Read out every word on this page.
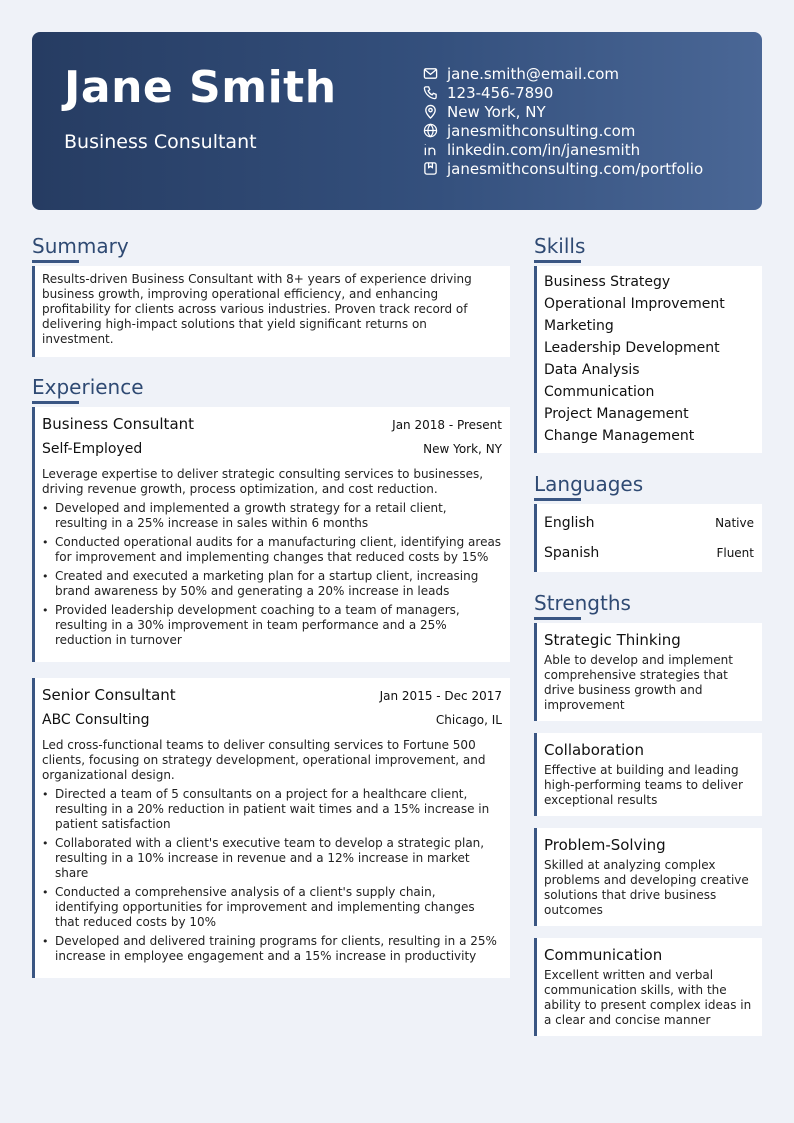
Jane Smith
Business Consultant
jane.smith@email.com
123-456-7890
New York, NY
janesmithconsulting.com
linkedin.com/in/janesmith
janesmithconsulting.com/portfolio
Summary
Results-driven Business Consultant with 8+ years of experience driving business growth, improving operational efficiency, and enhancing profitability for clients across various industries. Proven track record of delivering high-impact solutions that yield significant returns on investment.
Experience
Business Consultant	Jan 2018 - Present
Self-Employed	New York, NY
Leverage expertise to deliver strategic consulting services to businesses, driving revenue growth, process optimization, and cost reduction.
• Developed and implemented a growth strategy for a retail client, resulting in a 25% increase in sales within 6 months
• Conducted operational audits for a manufacturing client, identifying areas for improvement and implementing changes that reduced costs by 15%
• Created and executed a marketing plan for a startup client, increasing brand awareness by 50% and generating a 20% increase in leads
• Provided leadership development coaching to a team of managers, resulting in a 30% improvement in team performance and a 25% reduction in turnover
Senior Consultant	Jan 2015 - Dec 2017
ABC Consulting	Chicago, IL
Led cross-functional teams to deliver consulting services to Fortune 500 clients, focusing on strategy development, operational improvement, and organizational design.
• Directed a team of 5 consultants on a project for a healthcare client, resulting in a 20% reduction in patient wait times and a 15% increase in patient satisfaction
• Collaborated with a client's executive team to develop a strategic plan, resulting in a 10% increase in revenue and a 12% increase in market share
• Conducted a comprehensive analysis of a client's supply chain, identifying opportunities for improvement and implementing changes that reduced costs by 10%
• Developed and delivered training programs for clients, resulting in a 25% increase in employee engagement and a 15% increase in productivity
Skills
Business Strategy
Operational Improvement
Marketing
Leadership Development
Data Analysis
Communication
Project Management
Change Management
Languages
English	Native
Spanish	Fluent
Strengths
Strategic Thinking
Able to develop and implement comprehensive strategies that drive business growth and improvement
Collaboration
Effective at building and leading high-performing teams to deliver exceptional results
Problem-Solving
Skilled at analyzing complex problems and developing creative solutions that drive business outcomes
Communication
Excellent written and verbal communication skills, with the ability to present complex ideas in a clear and concise manner
